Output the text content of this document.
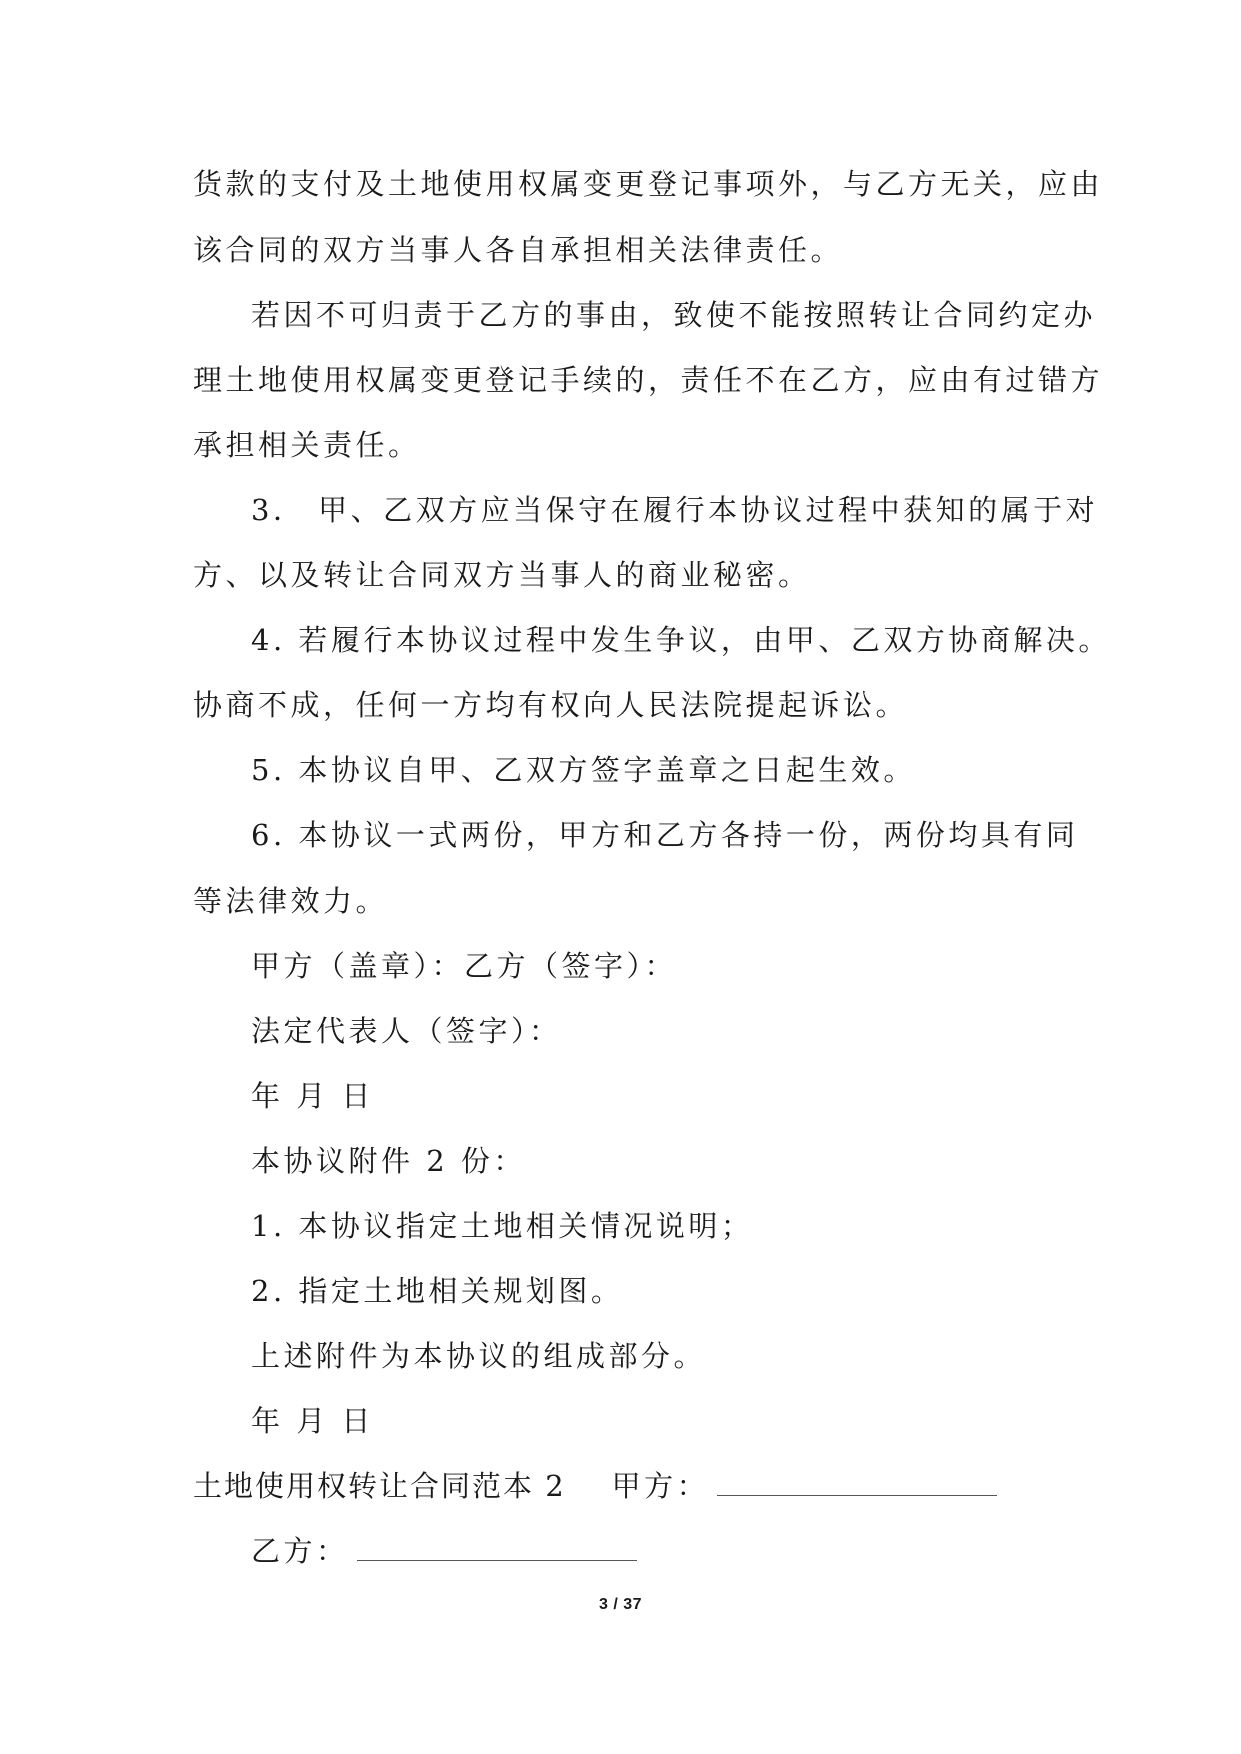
货款的支付及土地使用权属变更登记事项外，与乙方无关，应由
该合同的双方当事人各自承担相关法律责任。
若因不可归责于乙方的事由，致使不能按照转让合同约定办
理土地使用权属变更登记手续的，责任不在乙方，应由有过错方
承担相关责任。
3． 甲、乙双方应当保守在履行本协议过程中获知的属于对
方、以及转让合同双方当事人的商业秘密。
4. 若履行本协议过程中发生争议，由甲、乙双方协商解决。
协商不成，任何一方均有权向人民法院提起诉讼。
5. 本协议自甲、乙双方签字盖章之日起生效。
6. 本协议一式两份，甲方和乙方各持一份，两份均具有同
等法律效力。
甲方（盖章）：乙方（签字）：
法定代表人（签字）：
年 月 日
本协议附件 2 份：
1. 本协议指定土地相关情况说明；
2. 指定土地相关规划图。
上述附件为本协议的组成部分。
年 月 日
土地使用权转让合同范本 2 甲方：
乙方：
3 / 37
